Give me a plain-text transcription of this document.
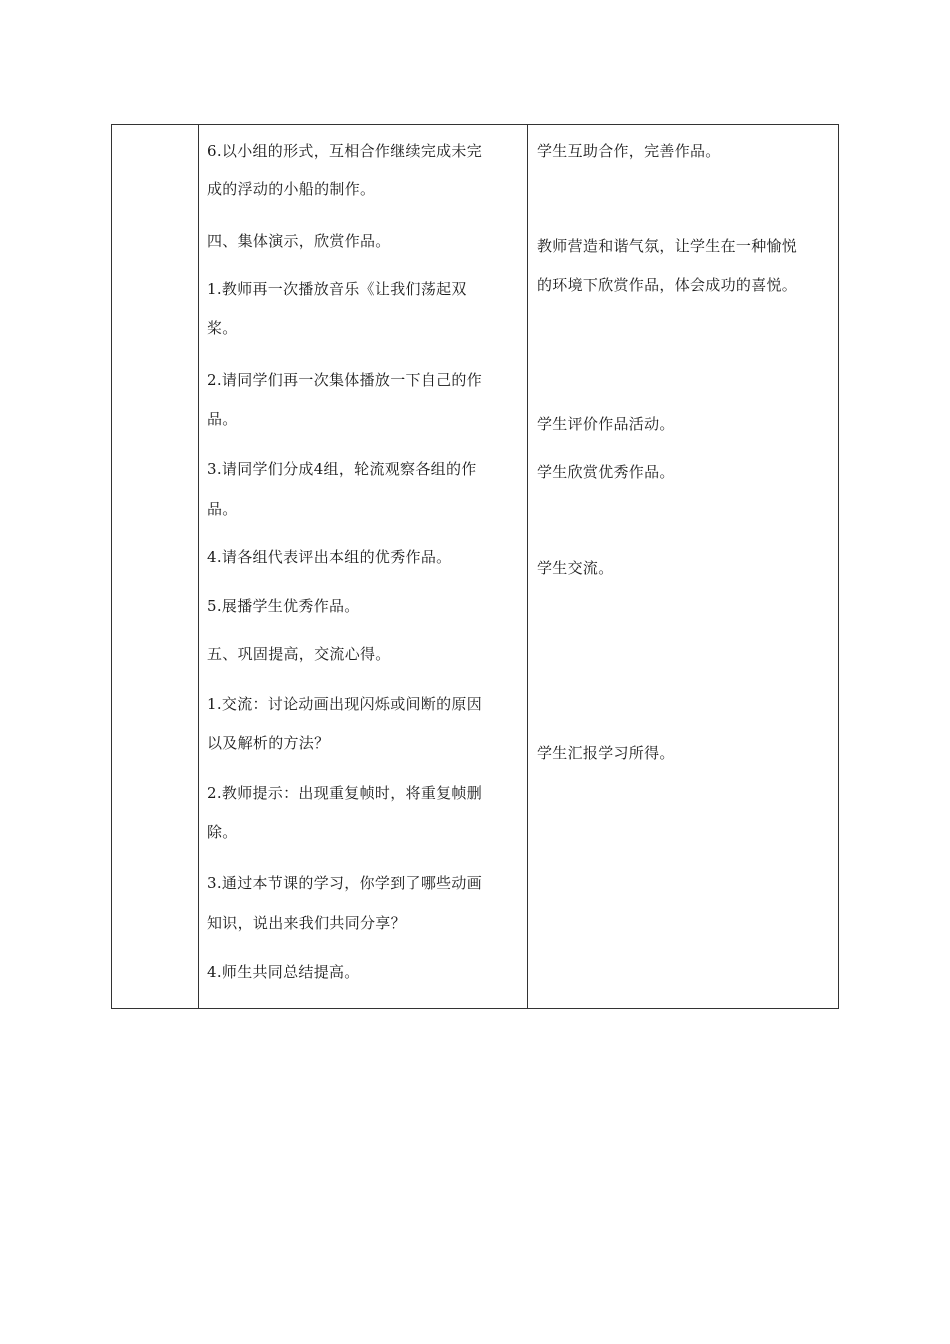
6.以小组的形式，互相合作继续完成未完
成的浮动的小船的制作。
四、集体演示，欣赏作品。
1.教师再一次播放音乐《让我们荡起双
桨。
2.请同学们再一次集体播放一下自己的作
品。
3.请同学们分成4组，轮流观察各组的作
品。
4.请各组代表评出本组的优秀作品。
5.展播学生优秀作品。
五、巩固提高，交流心得。
1.交流：讨论动画出现闪烁或间断的原因
以及解析的方法？
2.教师提示：出现重复帧时，将重复帧删
除。
3.通过本节课的学习，你学到了哪些动画
知识，说出来我们共同分享？
4.师生共同总结提高。
学生互助合作，完善作品。
教师营造和谐气氛，让学生在一种愉悦
的环境下欣赏作品，体会成功的喜悦。
学生评价作品活动。
学生欣赏优秀作品。
学生交流。
学生汇报学习所得。
